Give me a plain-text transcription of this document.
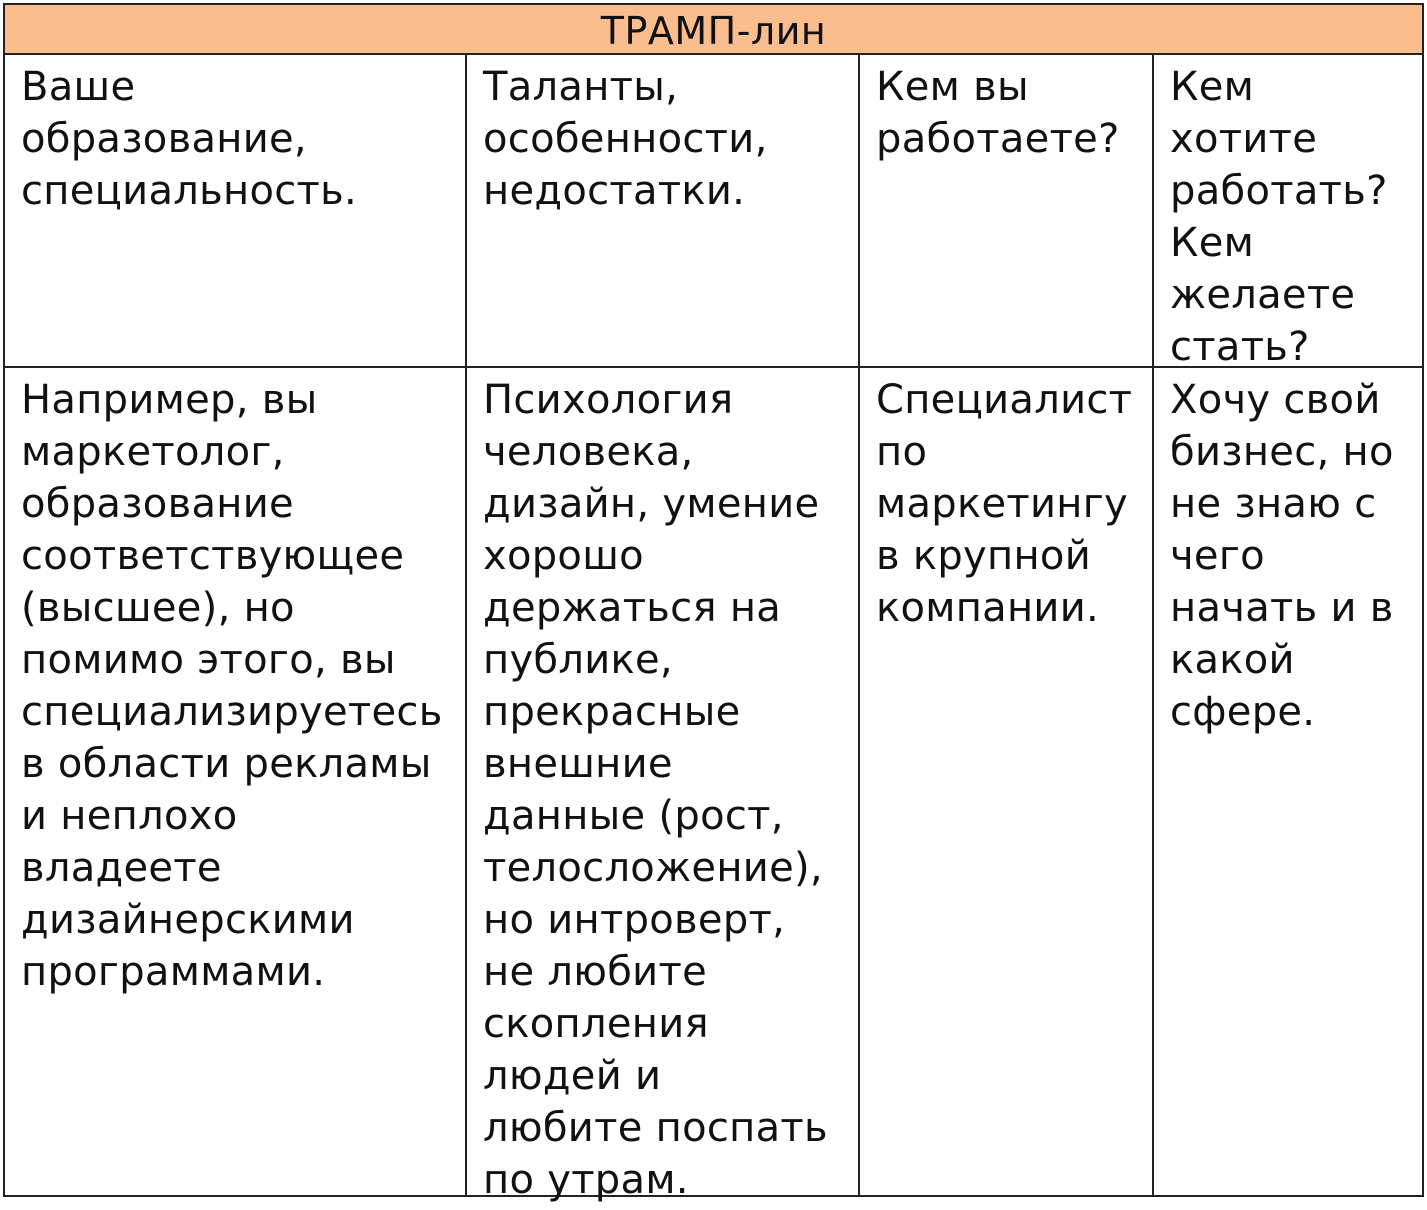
ТРАМП-лин
Ваше
образование,
специальность.
Таланты,
особенности,
недостатки.
Кем вы
работаете?
Кем
хотите
работать?
Кем
желаете
стать?
Например, вы
маркетолог,
образование
соответствующее
(высшее), но
помимо этого, вы
специализируетесь
в области рекламы
и неплохо
владеете
дизайнерскими
программами.
Психология
человека,
дизайн, умение
хорошо
держаться на
публике,
прекрасные
внешние
данные (рост,
телосложение),
но интроверт,
не любите
скопления
людей и
любите поспать
по утрам.
Специалист
по
маркетингу
в крупной
компании.
Хочу свой
бизнес, но
не знаю с
чего
начать и в
какой
сфере.
